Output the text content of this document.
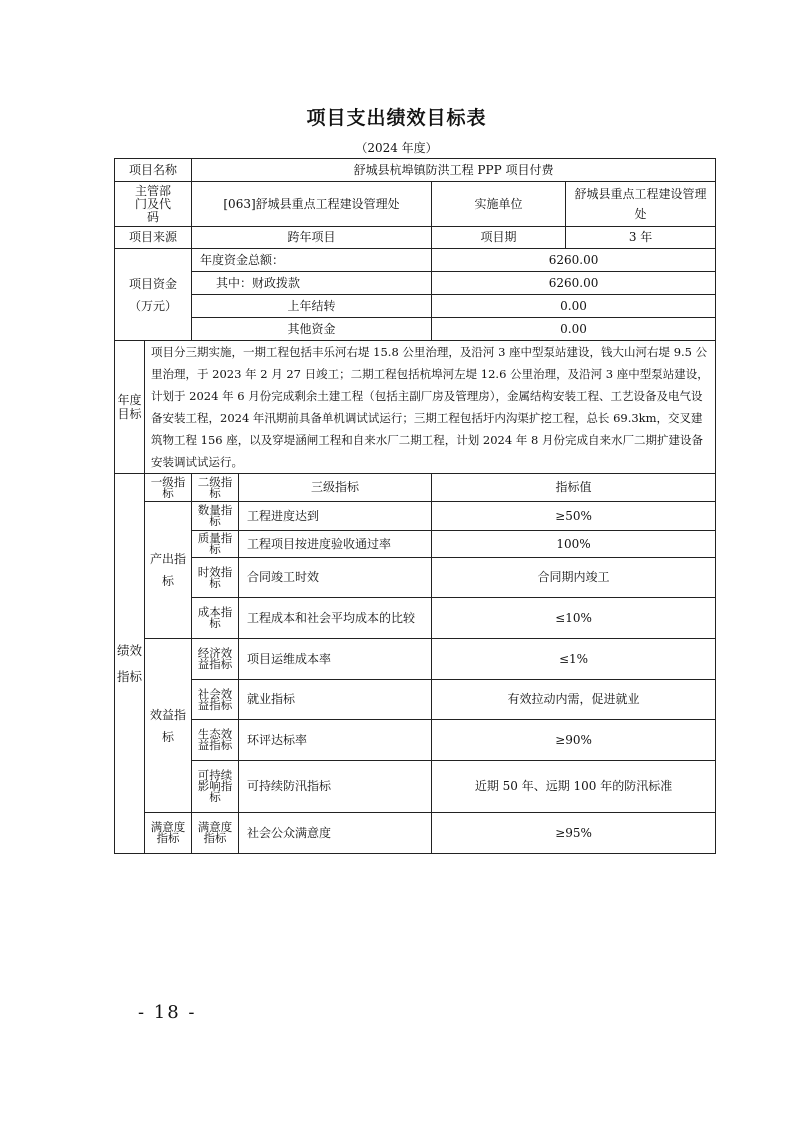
项目支出绩效目标表
（2024 年度）
项目名称		舒城县杭埠镇防洪工程 PPP 项目付费			
主管部门及代码		[063]舒城县重点工程建设管理处		实施单位	舒城县重点工程建设管理处
项目来源		跨年项目		项目期	3 年
项目资金（万元）		年度资金总额：		6260.00	
		其中：财政拨款		6260.00	
		上年结转		0.00	
		其他资金		0.00	
年度目标	项目分三期实施，一期工程包括丰乐河右堤 15.8 公里治理，及沿河 3 座中型泵站建设，钱大山河右堤 9.5 公里治理，于 2023 年 2 月 27 日竣工；二期工程包括杭埠河左堤 12.6 公里治理，及沿河 3 座中型泵站建设，计划于 2024 年 6 月份完成剩余土建工程（包括主副厂房及管理房），金属结构安装工程、工艺设备及电气设备安装工程，2024 年汛期前具备单机调试试运行；三期工程包括圩内沟渠扩挖工程，总长 69.3km，交叉建筑物工程 156 座，以及穿堤涵闸工程和自来水厂二期工程，计划 2024 年 8 月份完成自来水厂二期扩建设备安装调试试运行。				
绩效指标	一级指标	二级指标	三级指标	指标值	
	产出指标	数量指标	工程进度达到	≥50%	
		质量指标	工程项目按进度验收通过率	100%	
		时效指标	合同竣工时效	合同期内竣工	
		成本指标	工程成本和社会平均成本的比较	≤10%	
	效益指标	经济效益指标	项目运维成本率	≤1%	
		社会效益指标	就业指标	有效拉动内需，促进就业	
		生态效益指标	环评达标率	≥90%	
		可持续影响指标	可持续防汛指标	近期 50 年、远期 100 年的防汛标准	
	满意度指标	满意度指标	社会公众满意度	≥95%	
- 18 -
